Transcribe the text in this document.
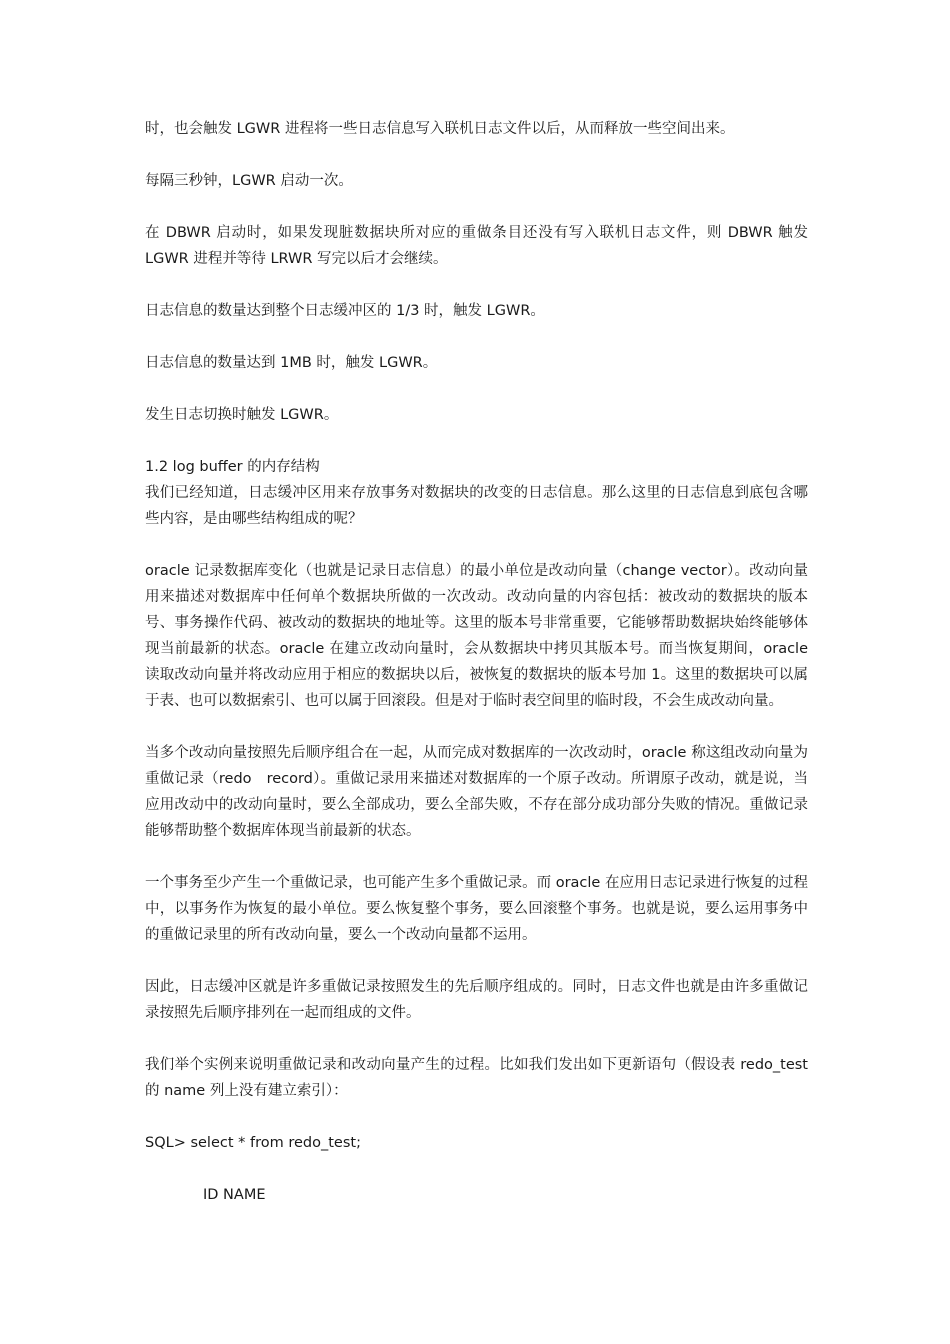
时，也会触发 LGWR 进程将一些日志信息写入联机日志文件以后，从而释放一些空间出来。

每隔三秒钟，LGWR 启动一次。

在 DBWR 启动时，如果发现脏数据块所对应的重做条目还没有写入联机日志文件，则 DBWR 触发 LGWR 进程并等待 LRWR 写完以后才会继续。

日志信息的数量达到整个日志缓冲区的 1/3 时，触发 LGWR。

日志信息的数量达到 1MB 时，触发 LGWR。

发生日志切换时触发 LGWR。

1.2 log buffer 的内存结构

我们已经知道，日志缓冲区用来存放事务对数据块的改变的日志信息。那么这里的日志信息到底包含哪些内容，是由哪些结构组成的呢？

oracle 记录数据库变化（也就是记录日志信息）的最小单位是改动向量（change vector）。改动向量用来描述对数据库中任何单个数据块所做的一次改动。改动向量的内容包括：被改动的数据块的版本号、事务操作代码、被改动的数据块的地址等。这里的版本号非常重要，它能够帮助数据块始终能够体现当前最新的状态。oracle 在建立改动向量时，会从数据块中拷贝其版本号。而当恢复期间，oracle 读取改动向量并将改动应用于相应的数据块以后，被恢复的数据块的版本号加 1。这里的数据块可以属于表、也可以数据索引、也可以属于回滚段。但是对于临时表空间里的临时段，不会生成改动向量。

当多个改动向量按照先后顺序组合在一起，从而完成对数据库的一次改动时，oracle 称这组改动向量为重做记录（redo　record）。重做记录用来描述对数据库的一个原子改动。所谓原子改动，就是说，当应用改动中的改动向量时，要么全部成功，要么全部失败，不存在部分成功部分失败的情况。重做记录能够帮助整个数据库体现当前最新的状态。

一个事务至少产生一个重做记录，也可能产生多个重做记录。而 oracle 在应用日志记录进行恢复的过程中，以事务作为恢复的最小单位。要么恢复整个事务，要么回滚整个事务。也就是说，要么运用事务中的重做记录里的所有改动向量，要么一个改动向量都不运用。

因此，日志缓冲区就是许多重做记录按照发生的先后顺序组成的。同时，日志文件也就是由许多重做记录按照先后顺序排列在一起而组成的文件。

我们举个实例来说明重做记录和改动向量产生的过程。比如我们发出如下更新语句（假设表 redo_test 的 name 列上没有建立索引）：

SQL> select * from redo_test;

ID NAME
